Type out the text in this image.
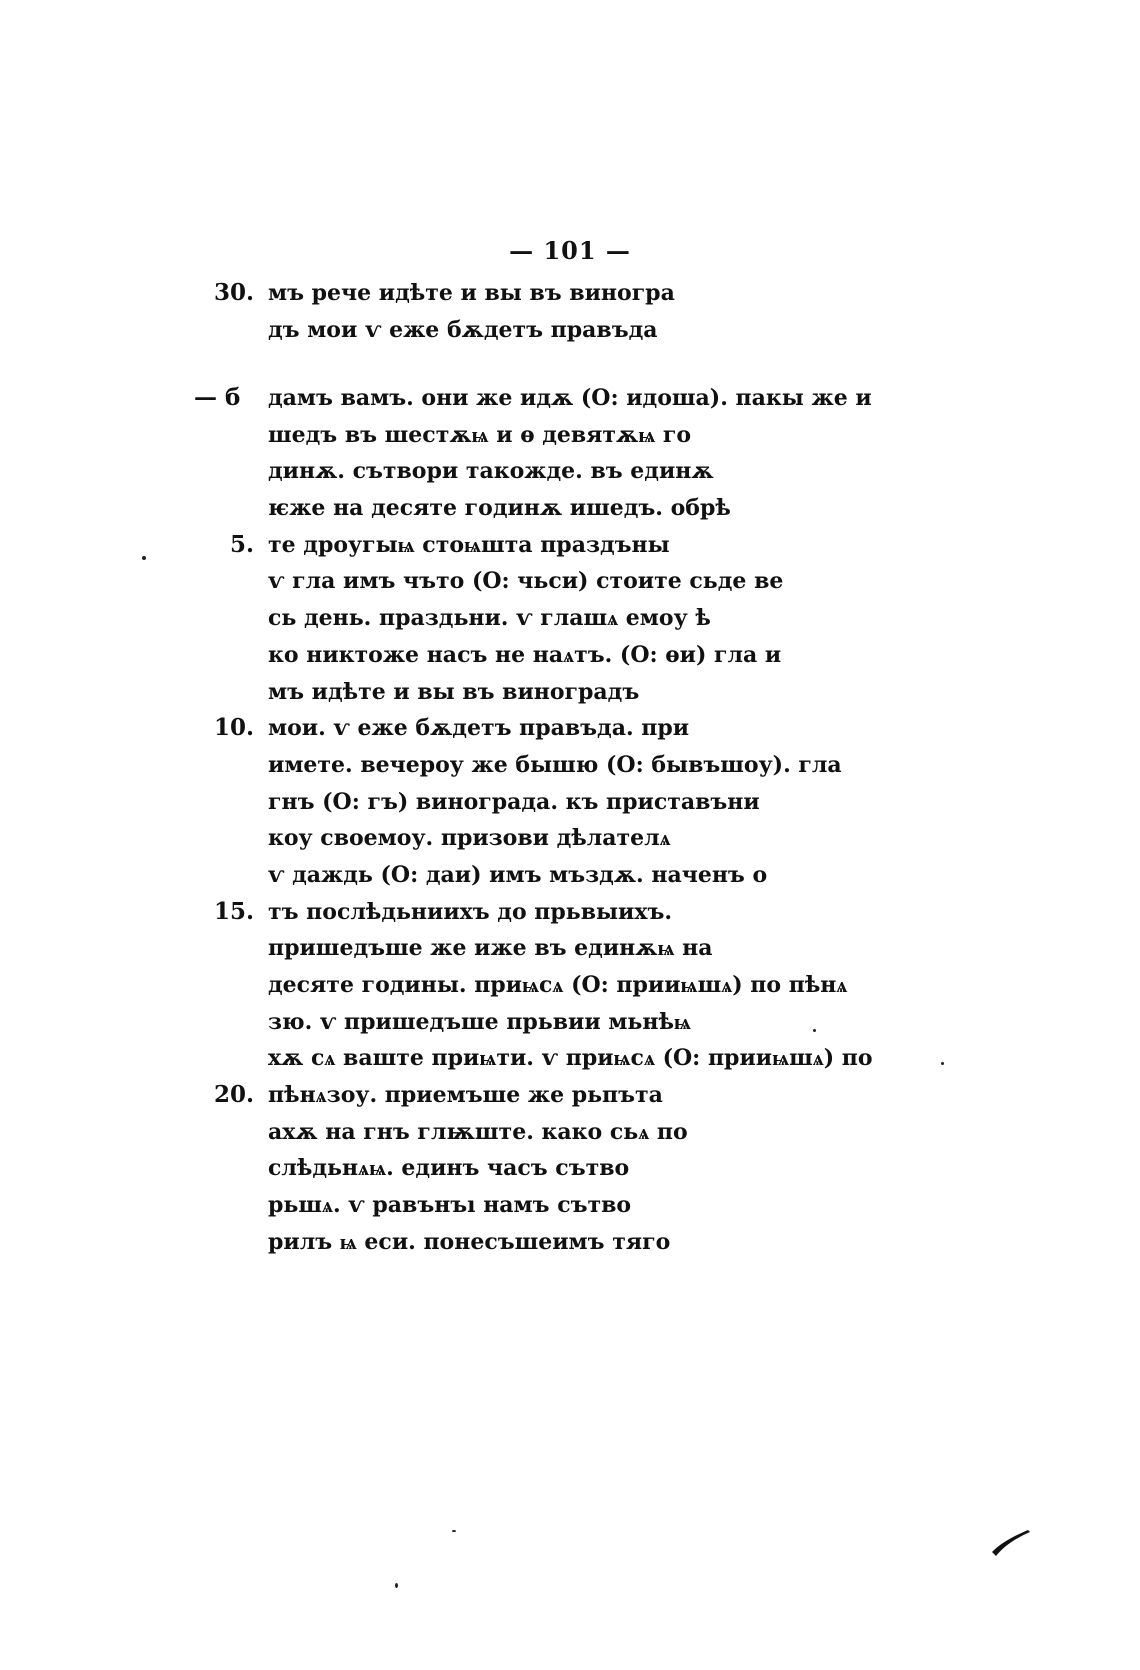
— 101 —
30. мъ рече идѣте и вы въ виногра
дъ мои ѵ еже бѫдетъ правъда
— б	дамъ вамъ. они же идѫ (О: идоша). пакы же и
шедъ въ шестѫѩ и ѳ девятѫѩ го
динѫ. сътвори такожде. въ единѫ
ѥже на десяте годинѫ ишедъ. обрѣ
5. те дроугыѩ стоѩшта праздъны
ѵ гла имъ чъто (О: чьси) стоите сьде ве
сь день. праздьни. ѵ глашѧ емоу ѣ
ко никтоже насъ не наѧтъ. (О: ѳи) гла и
мъ идѣте и вы въ виноградъ
10. мои. ѵ еже бѫдетъ правъда. при
имете. вечероу же бышю (О: бывъшоу). гла
гнъ (О: гъ) винограда. къ приставъни
коу своемоу. призови дѣлателѧ
ѵ даждь (О: даи) имъ мъздѫ. наченъ о
15. тъ послѣдьниихъ до прьвыихъ.
пришедъше же иже въ единѫѩ на
десяте годины. приѩсѧ (О: прииѩшѧ) по пѣнѧ
зю. ѵ пришедъше прьвии мьнѣѩ
хѫ сѧ ваште приѩти. ѵ приѩсѧ (О: прииѩшѧ) по
20. пѣнѧзоу. приемъше же рьпъта
ахѫ на гнъ глѭште. како сьѧ по
слѣдьнѧѩ. единъ часъ сътво
рьшѧ. ѵ равънъı намъ сътво
рилъ ѩ еси. понесъшеимъ тяго
